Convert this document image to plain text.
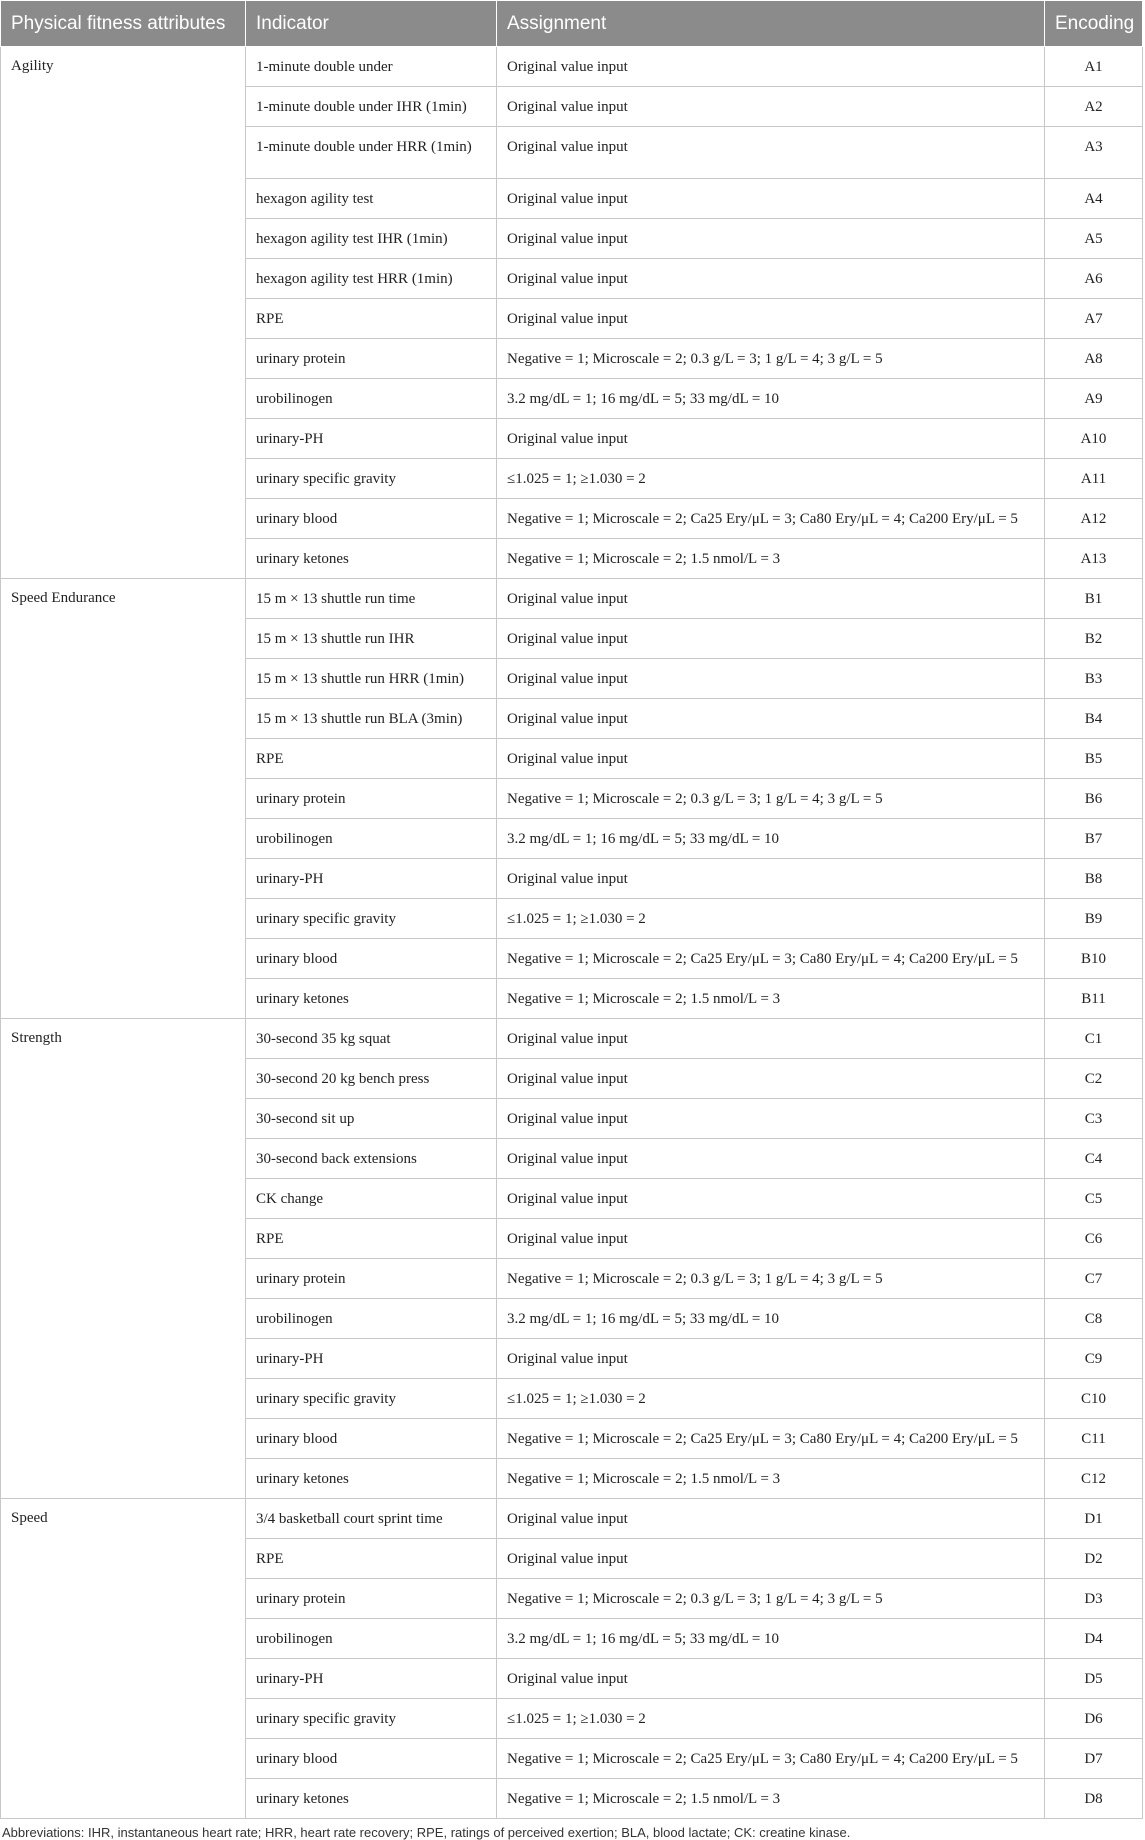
Physical fitness attributes	Indicator	Assignment	Encoding
Agility	1-minute double under	Original value input	A1
	1-minute double under IHR (1min)	Original value input	A2
	1-minute double under HRR (1min)	Original value input	A3
	hexagon agility test	Original value input	A4
	hexagon agility test IHR (1min)	Original value input	A5
	hexagon agility test HRR (1min)	Original value input	A6
	RPE	Original value input	A7
	urinary protein	Negative = 1; Microscale = 2; 0.3 g/L = 3; 1 g/L = 4; 3 g/L = 5	A8
	urobilinogen	3.2 mg/dL = 1; 16 mg/dL = 5; 33 mg/dL = 10	A9
	urinary-PH	Original value input	A10
	urinary specific gravity	≤1.025 = 1; ≥1.030 = 2	A11
	urinary blood	Negative = 1; Microscale = 2; Ca25 Ery/μL = 3; Ca80 Ery/μL = 4; Ca200 Ery/μL = 5	A12
	urinary ketones	Negative = 1; Microscale = 2; 1.5 nmol/L = 3	A13
Speed Endurance	15 m × 13 shuttle run time	Original value input	B1
	15 m × 13 shuttle run IHR	Original value input	B2
	15 m × 13 shuttle run HRR (1min)	Original value input	B3
	15 m × 13 shuttle run BLA (3min)	Original value input	B4
	RPE	Original value input	B5
	urinary protein	Negative = 1; Microscale = 2; 0.3 g/L = 3; 1 g/L = 4; 3 g/L = 5	B6
	urobilinogen	3.2 mg/dL = 1; 16 mg/dL = 5; 33 mg/dL = 10	B7
	urinary-PH	Original value input	B8
	urinary specific gravity	≤1.025 = 1; ≥1.030 = 2	B9
	urinary blood	Negative = 1; Microscale = 2; Ca25 Ery/μL = 3; Ca80 Ery/μL = 4; Ca200 Ery/μL = 5	B10
	urinary ketones	Negative = 1; Microscale = 2; 1.5 nmol/L = 3	B11
Strength	30-second 35 kg squat	Original value input	C1
	30-second 20 kg bench press	Original value input	C2
	30-second sit up	Original value input	C3
	30-second back extensions	Original value input	C4
	CK change	Original value input	C5
	RPE	Original value input	C6
	urinary protein	Negative = 1; Microscale = 2; 0.3 g/L = 3; 1 g/L = 4; 3 g/L = 5	C7
	urobilinogen	3.2 mg/dL = 1; 16 mg/dL = 5; 33 mg/dL = 10	C8
	urinary-PH	Original value input	C9
	urinary specific gravity	≤1.025 = 1; ≥1.030 = 2	C10
	urinary blood	Negative = 1; Microscale = 2; Ca25 Ery/μL = 3; Ca80 Ery/μL = 4; Ca200 Ery/μL = 5	C11
	urinary ketones	Negative = 1; Microscale = 2; 1.5 nmol/L = 3	C12
Speed	3/4 basketball court sprint time	Original value input	D1
	RPE	Original value input	D2
	urinary protein	Negative = 1; Microscale = 2; 0.3 g/L = 3; 1 g/L = 4; 3 g/L = 5	D3
	urobilinogen	3.2 mg/dL = 1; 16 mg/dL = 5; 33 mg/dL = 10	D4
	urinary-PH	Original value input	D5
	urinary specific gravity	≤1.025 = 1; ≥1.030 = 2	D6
	urinary blood	Negative = 1; Microscale = 2; Ca25 Ery/μL = 3; Ca80 Ery/μL = 4; Ca200 Ery/μL = 5	D7
	urinary ketones	Negative = 1; Microscale = 2; 1.5 nmol/L = 3	D8

Abbreviations: IHR, instantaneous heart rate; HRR, heart rate recovery; RPE, ratings of perceived exertion; BLA, blood lactate; CK: creatine kinase.
